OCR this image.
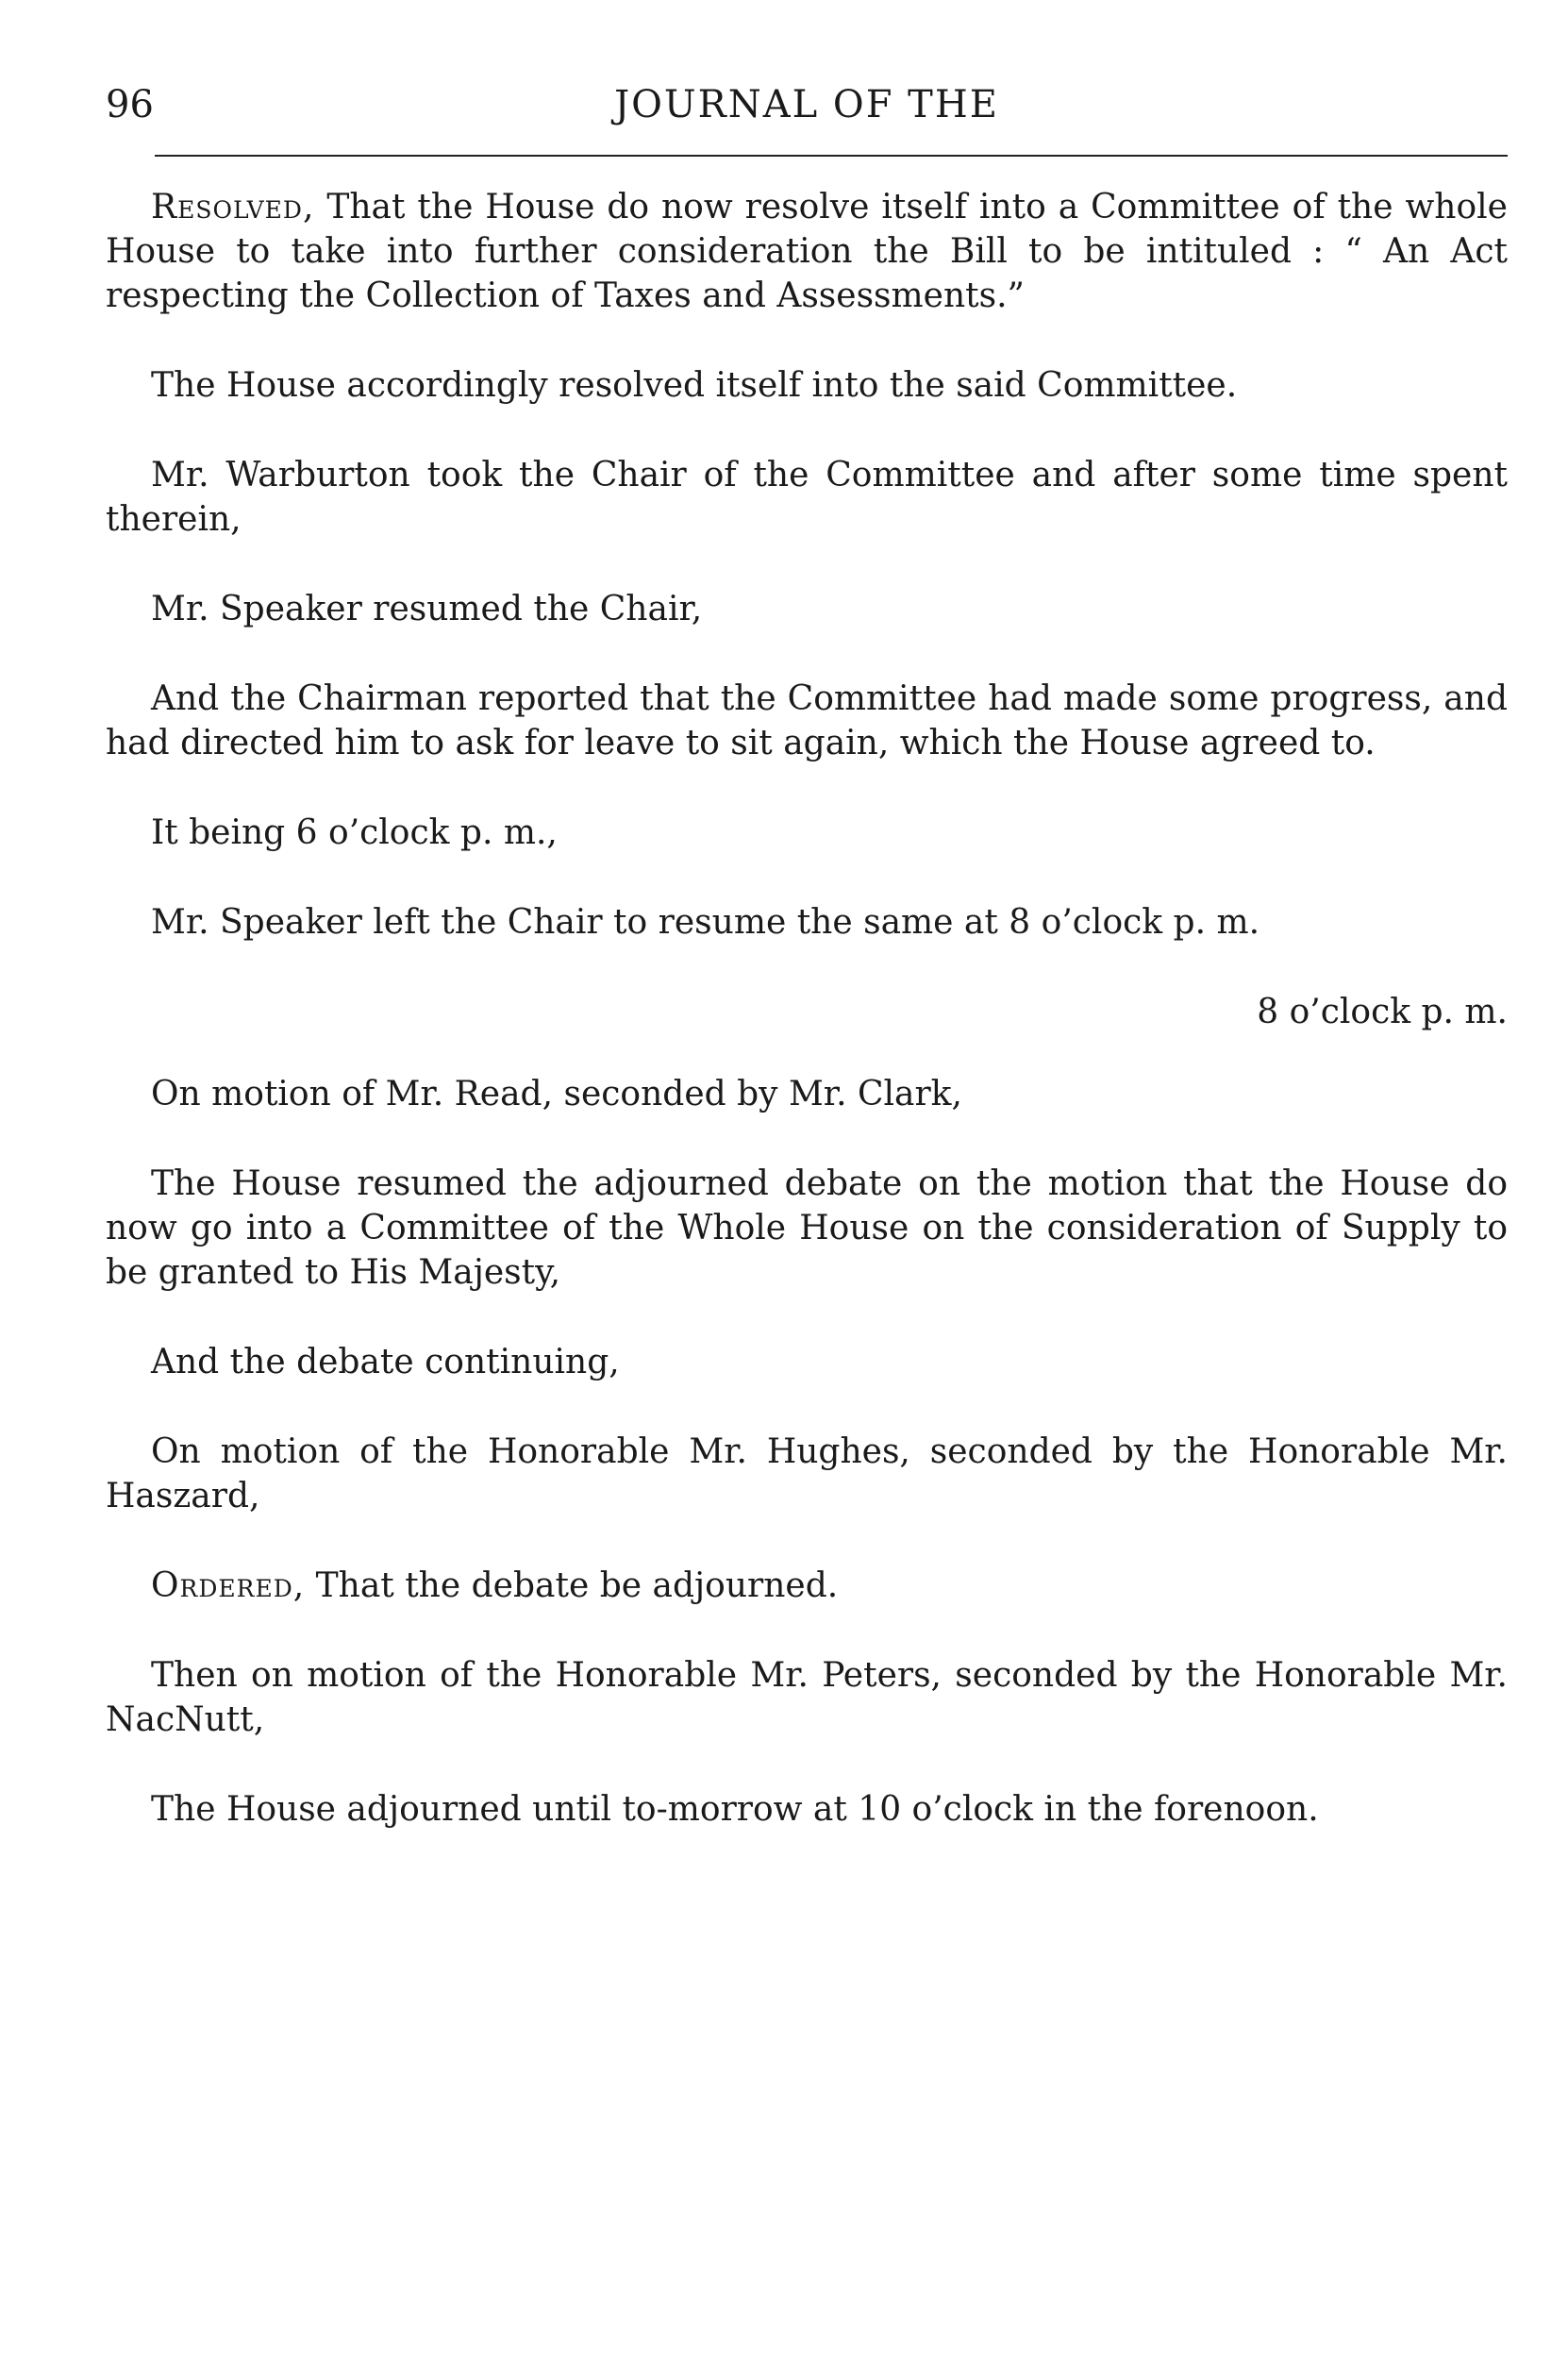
96	JOURNAL OF THE

Resolved, That the House do now resolve itself into a Committee of the whole House to take into further consideration the Bill to be intituled : “ An Act respecting the Collection of Taxes and Assessments.”

The House accordingly resolved itself into the said Committee.

Mr. Warburton took the Chair of the Committee and after some time spent therein,

Mr. Speaker resumed the Chair,

And the Chairman reported that the Committee had made some progress, and had directed him to ask for leave to sit again, which the House agreed to.

It being 6 o’clock p. m.,

Mr. Speaker left the Chair to resume the same at 8 o’clock p. m.

8 o’clock p. m.

On motion of Mr. Read, seconded by Mr. Clark,

The House resumed the adjourned debate on the motion that the House do now go into a Committee of the Whole House on the consideration of Supply to be granted to His Majesty,

And the debate continuing,

On motion of the Honorable Mr. Hughes, seconded by the Honorable Mr. Haszard,

Ordered, That the debate be adjourned.

Then on motion of the Honorable Mr. Peters, seconded by the Honorable Mr. NacNutt,

The House adjourned until to-morrow at 10 o’clock in the forenoon.
